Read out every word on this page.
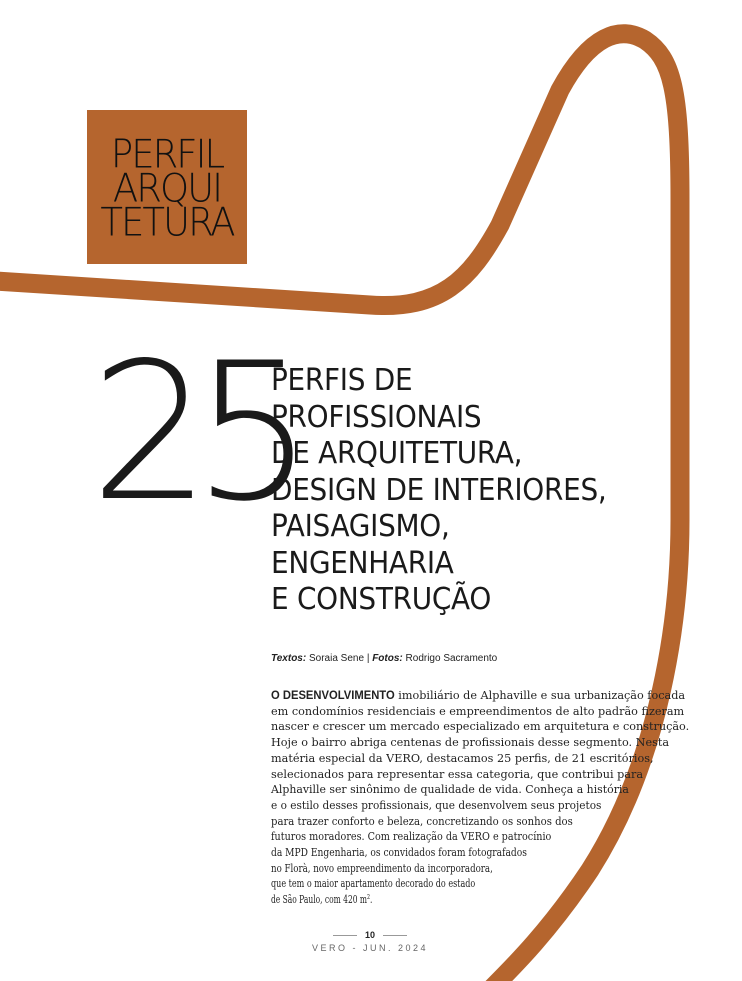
PERFIL
ARQUI
TETURA
25
PERFIS DE
PROFISSIONAIS
DE ARQUITETURA,
DESIGN DE INTERIORES,
PAISAGISMO,
ENGENHARIA
E CONSTRUÇÃO
Textos: Soraia Sene | Fotos: Rodrigo Sacramento
O DESENVOLVIMENTO imobiliário de Alphaville e sua urbanização focada
em condomínios residenciais e empreendimentos de alto padrão fizeram
nascer e crescer um mercado especializado em arquitetura e construção.
Hoje o bairro abriga centenas de profissionais desse segmento. Nesta
matéria especial da VERO, destacamos 25 perfis, de 21 escritórios,
selecionados para representar essa categoria, que contribui para
Alphaville ser sinônimo de qualidade de vida. Conheça a história
e o estilo desses profissionais, que desenvolvem seus projetos
para trazer conforto e beleza, concretizando os sonhos dos
futuros moradores. Com realização da VERO e patrocínio
da MPD Engenharia, os convidados foram fotografados
no Florà, novo empreendimento da incorporadora,
que tem o maior apartamento decorado do estado
de São Paulo, com 420 m².
10
VERO - JUN. 2024
